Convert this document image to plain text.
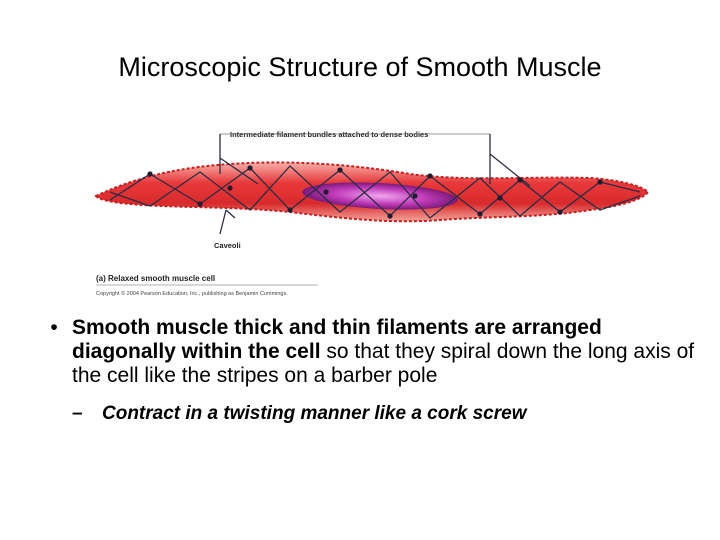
Microscopic Structure of Smooth Muscle
Intermediate filament bundles attached to dense bodies
Caveoli
(a) Relaxed smooth muscle cell
Copyright © 2004 Pearson Education, Inc., publishing as Benjamin Cummings.
• Smooth muscle thick and thin filaments are arranged diagonally within the cell so that they spiral down the long axis of the cell like the stripes on a barber pole
–	Contract in a twisting manner like a cork screw
